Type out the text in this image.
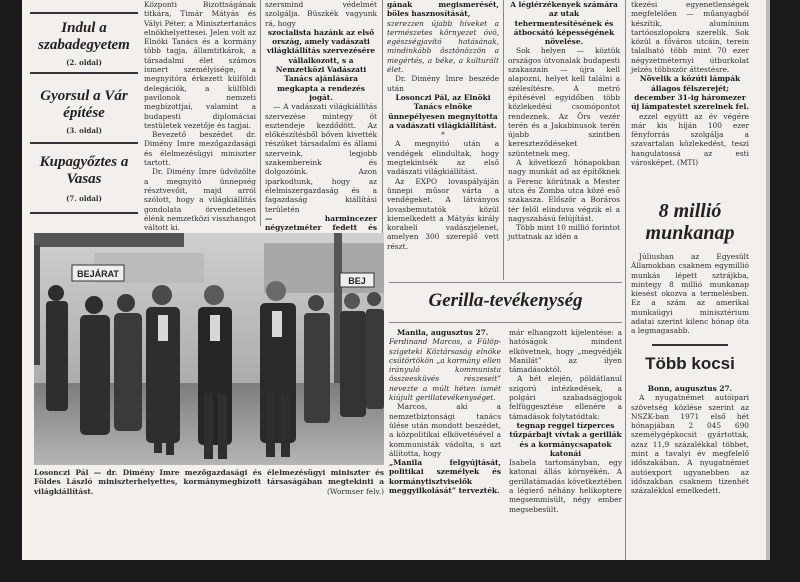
Indul a szabadegyetem
(2. oldal)
Gyorsul a Vár építése
(3. oldal)
Kupagyőztes a Vasas
(7. oldal)

Központi Bizottságának titkára, Timár Mátyás és Vályi Péter, a Minisztertanács elnökhelyettesei. Jelen volt az Elnöki Tanács és a kormány több tagja, államtitkárok, a társadalmi élet számos ismert személyisége, a megnyitóra érkezett külföldi delegációk, a külföldi pavilonok nemzeti megbízottjai, valamint a budapesti diplomáciai testületek vezetője és tagjai.

Bevezető beszédet dr. Dimény Imre mezőgazdasági és élelmezésügyi miniszter tartott.

Dr. Dimény Imre üdvözölte a megnyitó ünnepség résztvevőit, majd arról szólott, hogy a világkiállítás gondolata örvendetesen élénk nemzetközi visszhangot váltott ki.

szersmind védelmét szolgálja. Büszkék vagyunk rá, hogy

szocialista hazánk az első ország, amely vadászati világkiállítás szervezésére vállalkozott, s a Nemzetközi Vadászati Tanács ajánlására megkapta a rendezés jogát.

— A vadászati világkiállítás szervezése mintegy öt esztendeje kezdődött. Az előkészítésből bőven kivették részüket társadalmi és állami szerveink, legjobb szakembereink és dolgozóink. Azon iparkodtunk, hogy az élelmiszergazdaság és a fagazdaság kiállítási területén

— harmincezer négyzetméter fedett és

gának megismerését, böles hasznosítását,

szerezzen újabb híveket a természetes környezet óvó, egészségjavító hatásának, mindinkább ösztönözzön a megértés, a béke, a kulturált élet.

Dr. Dimény Imre beszéde után

Losonczi Pál, az Elnöki Tanács elnöke ünnepélyesen megnyitotta a vadászati világkiállítást.

*

A megnyitó után a vendégek elindultak, hogy megtekintsék az első vadászati világkiállítást.

Az EXPO lovaspályáján ünnepi műsor várta a vendégeket. A látványos lovasbemutatók közül kiemelkedett a Mátyás király korabeli vadászjelenet, amelyen 300 szereplő vett részt.

A légiérzékenyek számára az utak tehermentesítésének és átbocsátó képességének növelése.

Sok helyen — köztük országos útvonalak budapesti szakaszain — újra kell alapozni, helyet kell találni a szélesítésre. A metró építésével egyidőben több közlekedési csomópontot rendeznek. Az Örs vezér terén és a Jakabinusok terén újabb szintben kereszteződéseket szüntetnek meg.

A következő hónapokban nagy munkát ad az építőknek a Ferenc körútnak a Mester utca és Zomba utca közé eső szakasza. Először a Boráros tér felől elinduva végzik el a nagyszabású felújítást.

Több mint 10 millió forintot juttatnak az idén a

tkezési egyenetlenségek megfelelően — műanyagból készítik, alumínium tartóoszlopokra szerelik. Sok közül a főváros utcáin, terein talalható több mint 70 ezer négyzetméternyi útburkolat jelzés többször áttestésre.

Növelik a közúti lámpák állagos félszerejét; december 31-ig háromezer új lámpatestet szerelnek fel.

ezzel együtt az év végére már kis híján 100 ezer fényforrás szolgálja a szavartalan közlekedést, teszi hangulatossá az esti városképet. (MTI)

8 millió munkanap

Júliusban az Egyesült Államokban csaknem egymillió munkás lépett sztrájkba, mintegy 8 millió munkanap kiesést okozva a termelésben. Ez a szám az amerikai munkaügyi minisztérium adatai szerint kilenc hónap óta a legmagasabb.

Több kocsi

Bonn, augusztus 27.

A nyugatnémet autóipari szövetség közlése szerint az NSZK-ban 1971 első hét hónapjában 2 045 690 személygépkocsit gyártottak, azaz 11,9 százalékkal többet, mint a tavalyi év megfelelő időszakában. A nyugatnémet autóexport ugyanebben az időszakban csaknem tizenhét százalékkal emelkedett.

BEJÁRAT
BEJ

Losonczi Pál — dr. Dimény Imre mezőgazdasági és élelmezésügyi miniszter és Földes László miniszterhelyettes, kormánymegbízott társaságában megtekinti a világkiállítást.	(Wormser felv.)

Gerilla-tevékenység

Manila, augusztus 27.

Ferdinand Marcos, a Fülöp-szigeteki Köztársaság elnöke csütörtökön „a kormány ellen irányuló kommunista összeesküvés részeseit” nevezte a múlt héten ismét kiújult gerillatevékenységet.

Marcos, aki a nemzetbiztonsági tanács ülése után mondott beszédet, a közpolitikai elkövetésével a kommunisták vádolta, s azt állította, hogy

„Manila felgyújtását, politikai személyek és kormánytisztviselők meggyilkolását” tervezték.

már elhangzott kijelentése: a hatóságok mindent elkövetnek, hogy „megvédjék Manilát” az ilyen támadásoktól.

A hét elején, pöldátlanul szigorú intézkedések, a polgári szabadságjogok felfüggesztése ellenére a támadások folytatódtak:

tegnap reggel tízperces tűzpárbajt vívtak a gerillák és a kormánycsapatok katonái

Isabela tartományban, egy katonai állás környékén. A gerillatámadás következtében a légierő néhány helikoptere megsemmisült, négy ember megsebesült.
